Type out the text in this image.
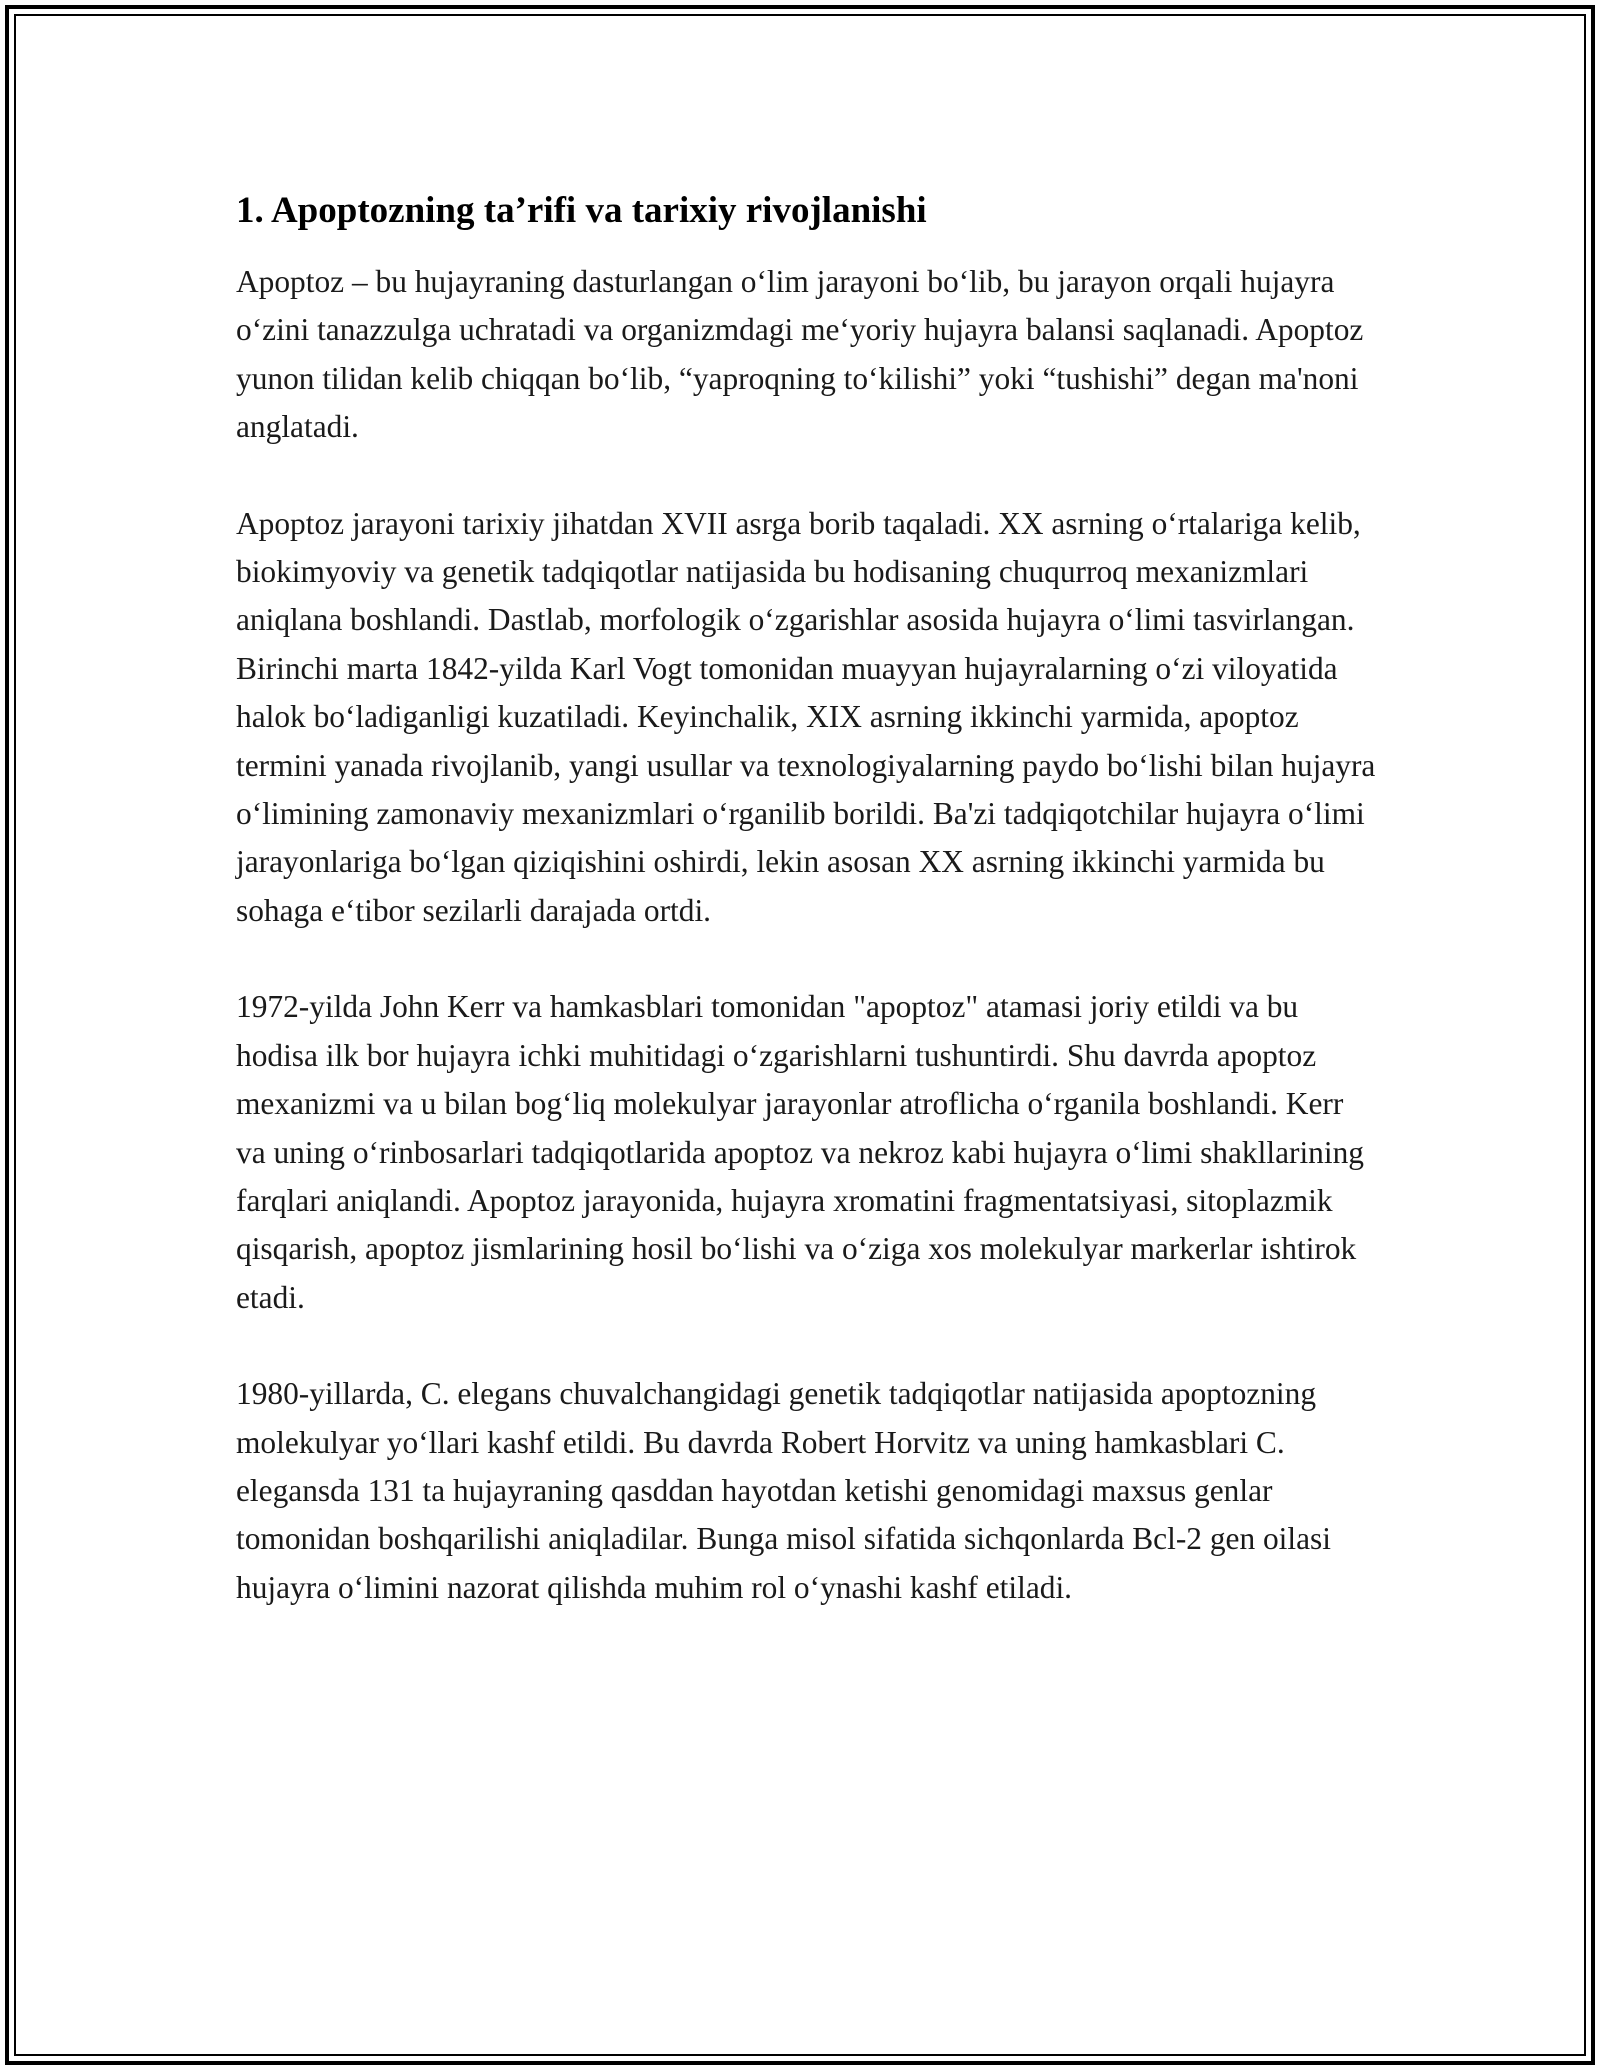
1. Apoptozning ta’rifi va tarixiy rivojlanishi

Apoptoz – bu hujayraning dasturlangan o‘lim jarayoni bo‘lib, bu jarayon orqali hujayra o‘zini tanazzulga uchratadi va organizmdagi me‘yoriy hujayra balansi saqlanadi. Apoptoz yunon tilidan kelib chiqqan bo‘lib, “yaproqning to‘kilishi” yoki “tushishi” degan ma'noni anglatadi.

Apoptoz jarayoni tarixiy jihatdan XVII asrga borib taqaladi. XX asrning o‘rtalariga kelib, biokimyoviy va genetik tadqiqotlar natijasida bu hodisaning chuqurroq mexanizmlari aniqlana boshlandi. Dastlab, morfologik o‘zgarishlar asosida hujayra o‘limi tasvirlangan. Birinchi marta 1842-yilda Karl Vogt tomonidan muayyan hujayralarning o‘zi viloyatida halok bo‘ladiganligi kuzatiladi. Keyinchalik, XIX asrning ikkinchi yarmida, apoptoz termini yanada rivojlanib, yangi usullar va texnologiyalarning paydo bo‘lishi bilan hujayra o‘limining zamonaviy mexanizmlari o‘rganilib borildi. Ba'zi tadqiqotchilar hujayra o‘limi jarayonlariga bo‘lgan qiziqishini oshirdi, lekin asosan XX asrning ikkinchi yarmida bu sohaga e‘tibor sezilarli darajada ortdi.

1972-yilda John Kerr va hamkasblari tomonidan "apoptoz" atamasi joriy etildi va bu hodisa ilk bor hujayra ichki muhitidagi o‘zgarishlarni tushuntirdi. Shu davrda apoptoz mexanizmi va u bilan bog‘liq molekulyar jarayonlar atroflicha o‘rganila boshlandi. Kerr va uning o‘rinbosarlari tadqiqotlarida apoptoz va nekroz kabi hujayra o‘limi shakllarining farqlari aniqlandi. Apoptoz jarayonida, hujayra xromatini fragmentatsiyasi, sitoplazmik qisqarish, apoptoz jismlarining hosil bo‘lishi va o‘ziga xos molekulyar markerlar ishtirok etadi.

1980-yillarda, C. elegans chuvalchangidagi genetik tadqiqotlar natijasida apoptozning molekulyar yo‘llari kashf etildi. Bu davrda Robert Horvitz va uning hamkasblari C. elegansda 131 ta hujayraning qasddan hayotdan ketishi genomidagi maxsus genlar tomonidan boshqarilishi aniqladilar. Bunga misol sifatida sichqonlarda Bcl-2 gen oilasi hujayra o‘limini nazorat qilishda muhim rol o‘ynashi kashf etiladi.
